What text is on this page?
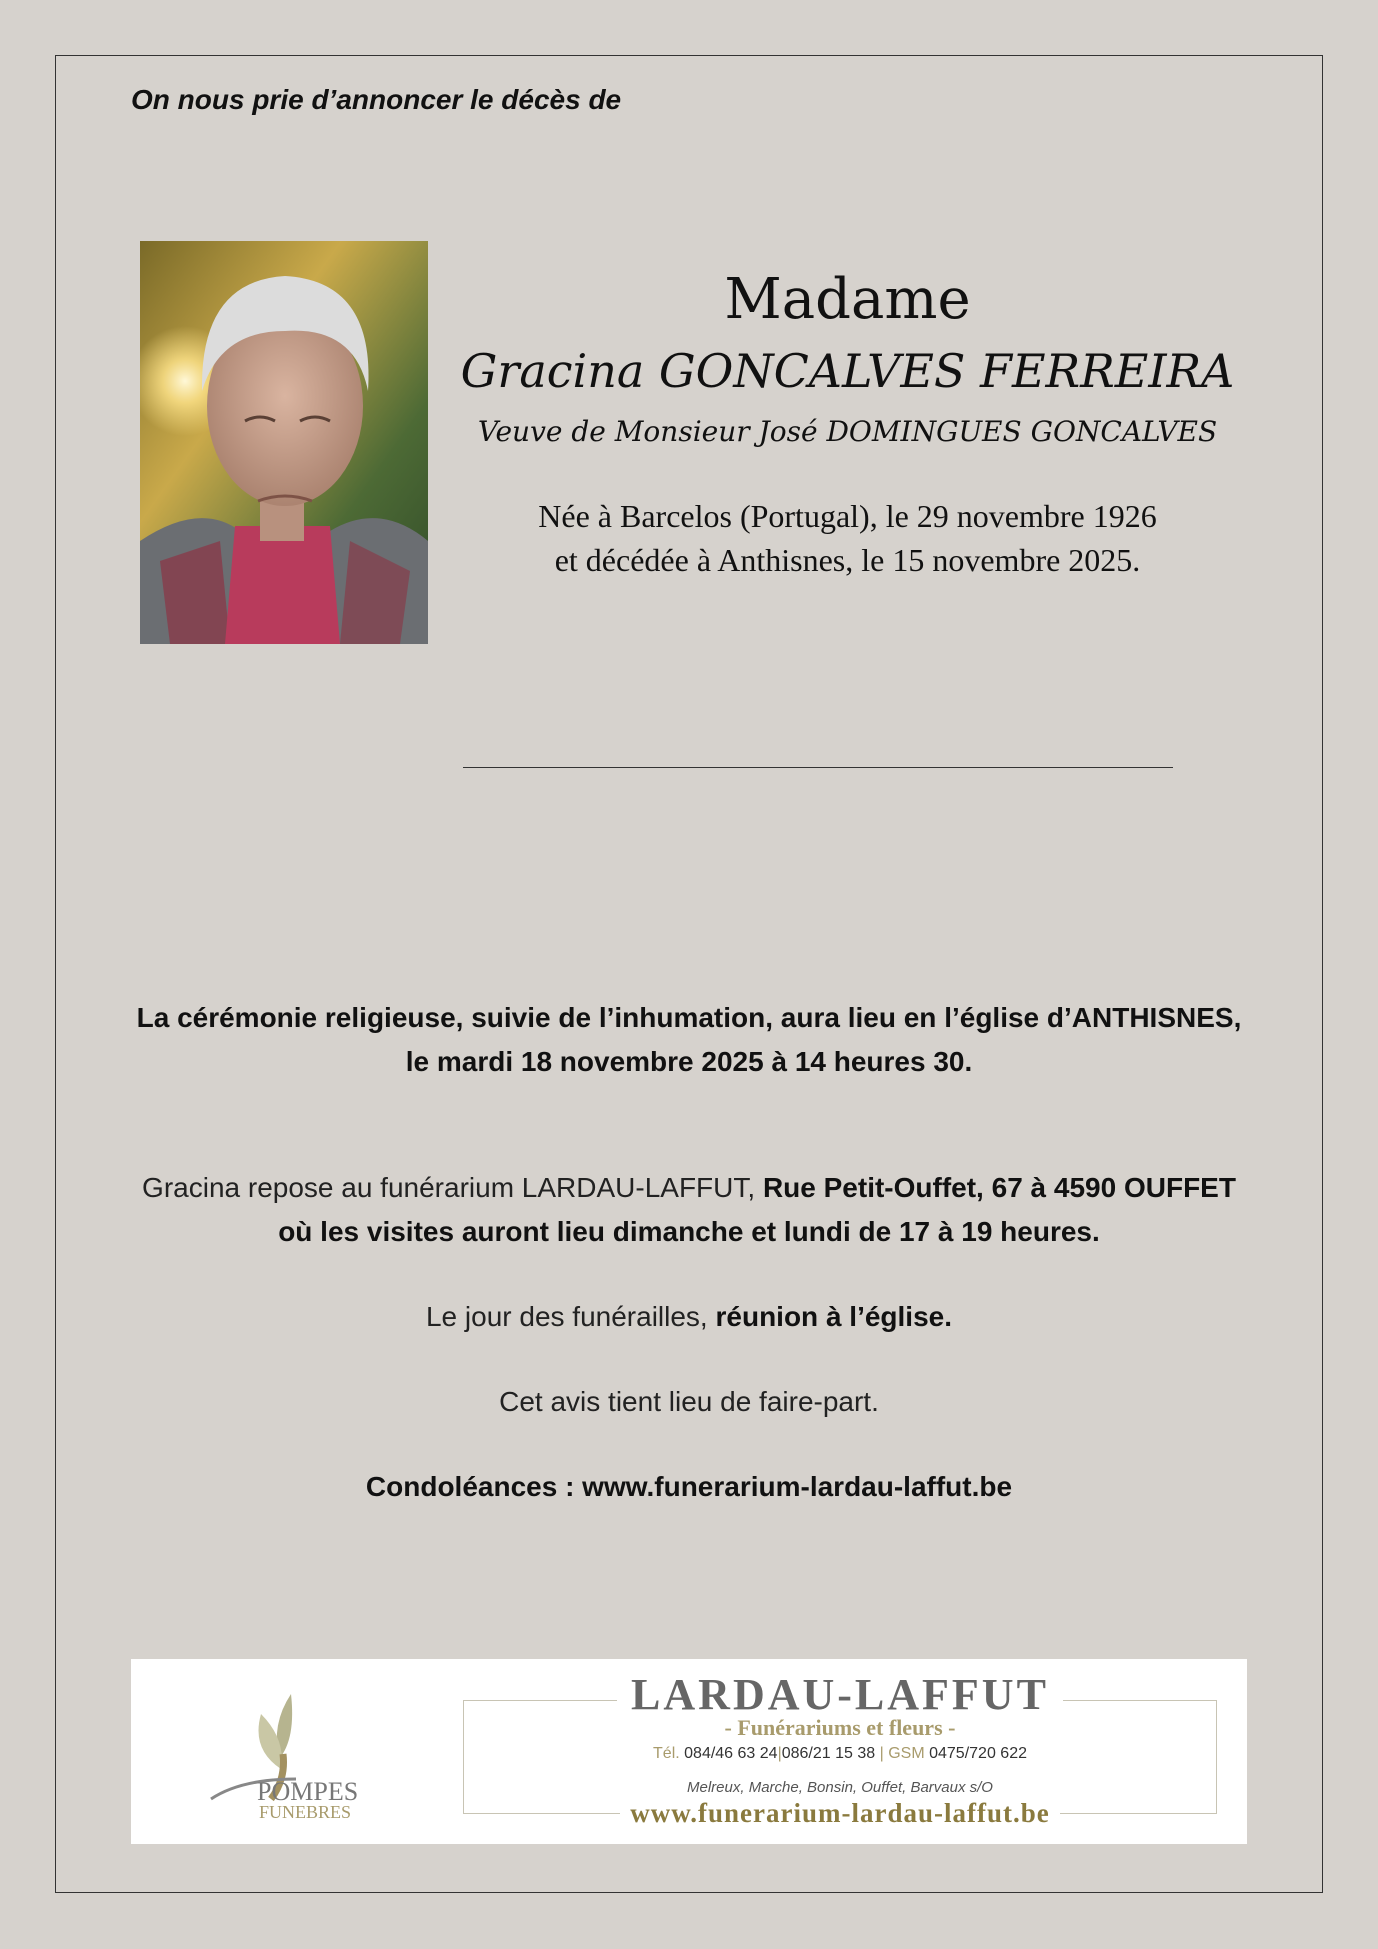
On nous prie d’annoncer le décès de

Madame
Gracina GONCALVES FERREIRA
Veuve de Monsieur José DOMINGUES GONCALVES
Née à Barcelos (Portugal), le 29 novembre 1926
et décédée à Anthisnes, le 15 novembre 2025.
La cérémonie religieuse, suivie de l’inhumation, aura lieu en l’église d’ANTHISNES,
le mardi 18 novembre 2025 à 14 heures 30.
Gracina repose au funérarium LARDAU-LAFFUT, Rue Petit-Ouffet, 67 à 4590 OUFFET
où les visites auront lieu dimanche et lundi de 17 à 19 heures.
Le jour des funérailles, réunion à l’église.
Cet avis tient lieu de faire-part.
Condoléances : www.funerarium-lardau-laffut.be
POMPES
FUNEBRES
LARDAU-LAFFUT
- Funérariums et fleurs -
Tél. 084/46 63 24|086/21 15 38 | GSM 0475/720 622
Melreux, Marche, Bonsin, Ouffet, Barvaux s/O
www.funerarium-lardau-laffut.be
